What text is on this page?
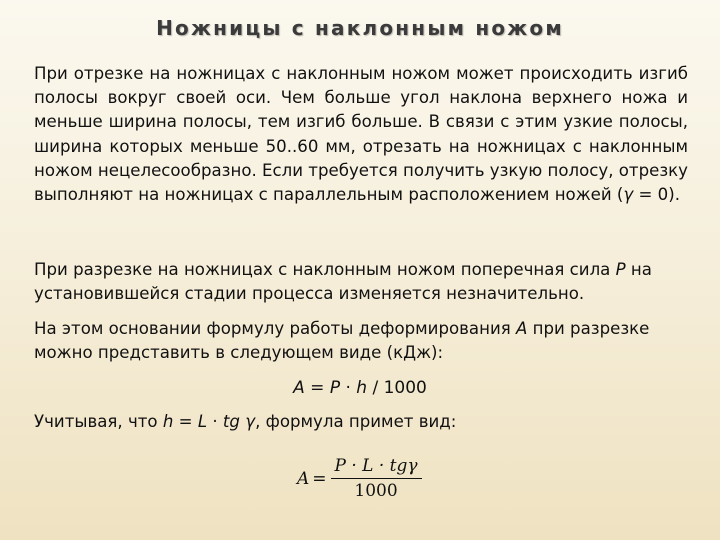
Ножницы с наклонным ножом

При отрезке на ножницах с наклонным ножом может происходить изгиб полосы вокруг своей оси. Чем больше угол наклона верхнего ножа и меньше ширина полосы, тем изгиб больше. В связи с этим узкие полосы, ширина которых меньше 50..60 мм, отрезать на ножницах с наклонным ножом нецелесообразно. Если требуется получить узкую полосу, отрезку выполняют на ножницах с параллельным расположением ножей (γ = 0).

При разрезке на ножницах с наклонным ножом поперечная сила P на установившейся стадии процесса изменяется незначительно.

На этом основании формулу работы деформирования A при разрезке можно представить в следующем виде (кДж):

A = P · h / 1000

Учитывая, что h = L · tg γ, формула примет вид:

$A = \frac{\text{P · L · tgγ}}{1000}$
